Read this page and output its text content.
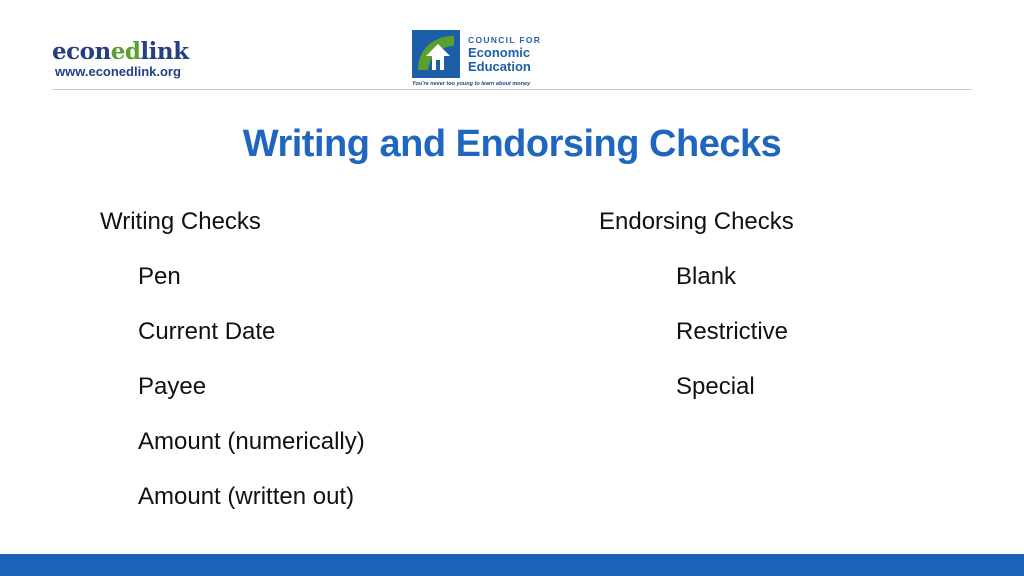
econedlink
www.econedlink.org
COUNCIL FOR
Economic
Education
You're never too young to learn about money
Writing and Endorsing Checks
Writing Checks
Pen
Current Date
Payee
Amount (numerically)
Amount (written out)
Endorsing Checks
Blank
Restrictive
Special
